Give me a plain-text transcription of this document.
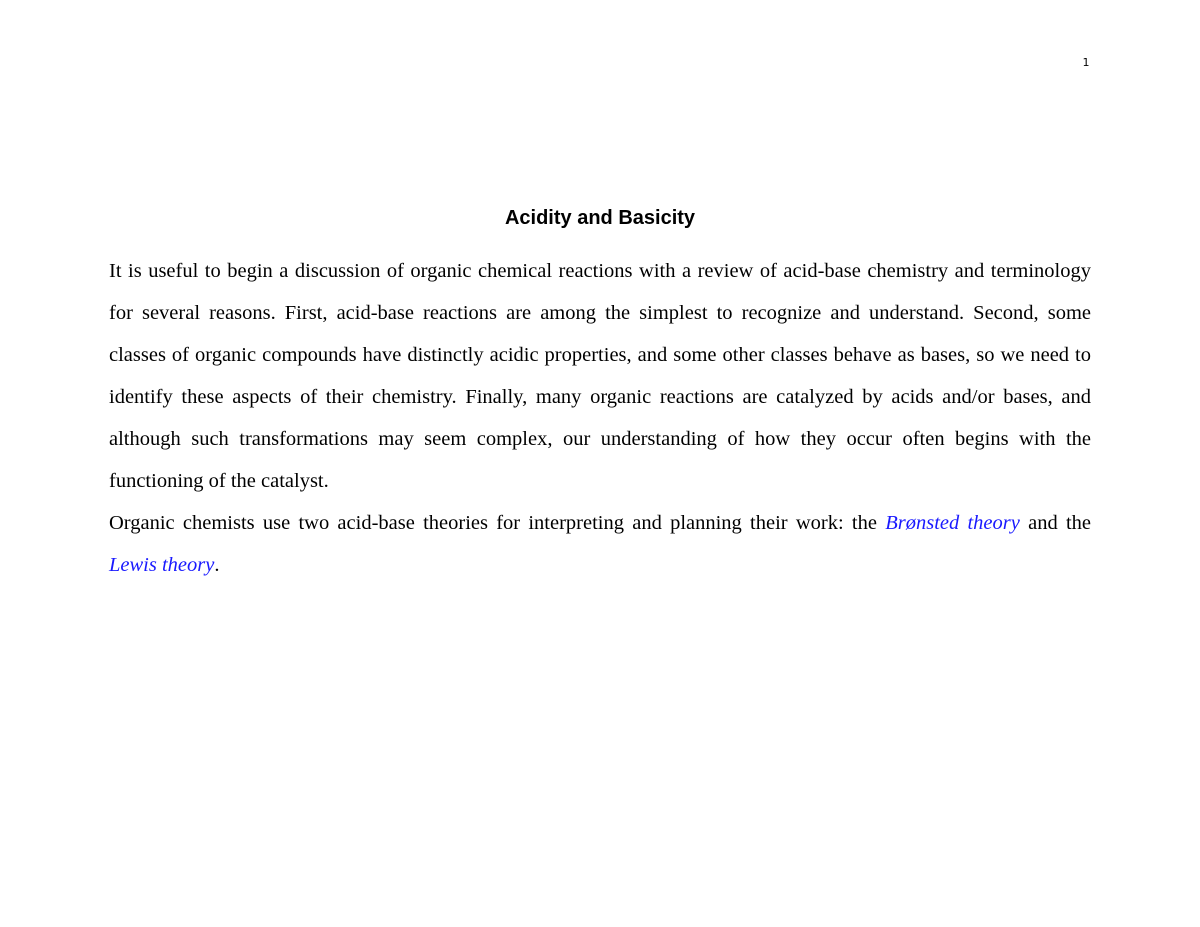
1
Acidity and Basicity

It is useful to begin a discussion of organic chemical reactions with a review of acid-base chemistry and terminology for several reasons. First, acid-base reactions are among the simplest to recognize and understand. Second, some classes of organic compounds have distinctly acidic properties, and some other classes behave as bases, so we need to identify these aspects of their chemistry. Finally, many organic reactions are catalyzed by acids and/or bases, and although such transformations may seem complex, our understanding of how they occur often begins with the functioning of the catalyst.

Organic chemists use two acid-base theories for interpreting and planning their work: the Brønsted theory and the Lewis theory.
